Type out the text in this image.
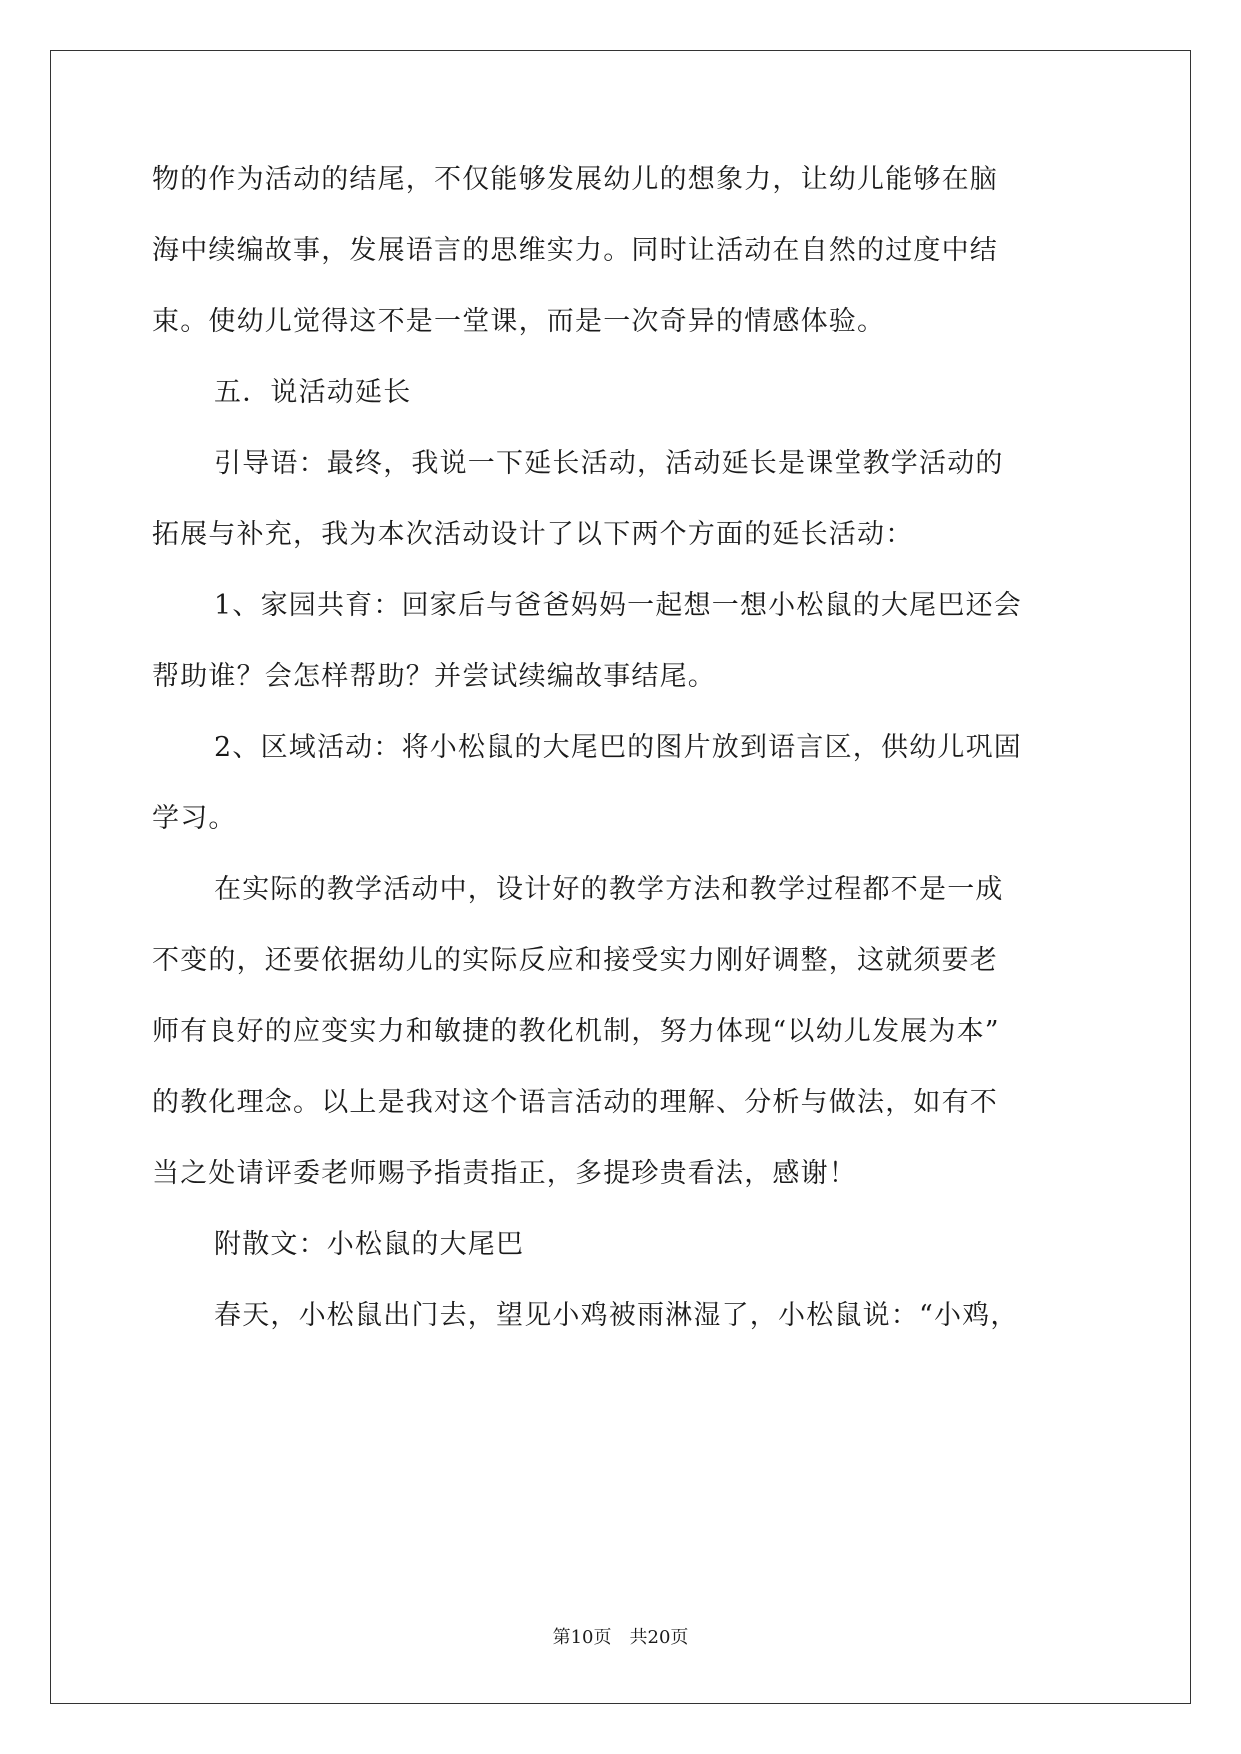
物的作为活动的结尾，不仅能够发展幼儿的想象力，让幼儿能够在脑
海中续编故事，发展语言的思维实力。同时让活动在自然的过度中结
束。使幼儿觉得这不是一堂课，而是一次奇异的情感体验。
五．说活动延长
引导语：最终，我说一下延长活动，活动延长是课堂教学活动的
拓展与补充，我为本次活动设计了以下两个方面的延长活动：
1、家园共育：回家后与爸爸妈妈一起想一想小松鼠的大尾巴还会
帮助谁？会怎样帮助？并尝试续编故事结尾。
2、区域活动：将小松鼠的大尾巴的图片放到语言区，供幼儿巩固
学习。
在实际的教学活动中，设计好的教学方法和教学过程都不是一成
不变的，还要依据幼儿的实际反应和接受实力刚好调整，这就须要老
师有良好的应变实力和敏捷的教化机制，努力体现“以幼儿发展为本”
的教化理念。以上是我对这个语言活动的理解、分析与做法，如有不
当之处请评委老师赐予指责指正，多提珍贵看法，感谢！
附散文：小松鼠的大尾巴
春天，小松鼠出门去，望见小鸡被雨淋湿了，小松鼠说：“小鸡，
第10页　共20页
